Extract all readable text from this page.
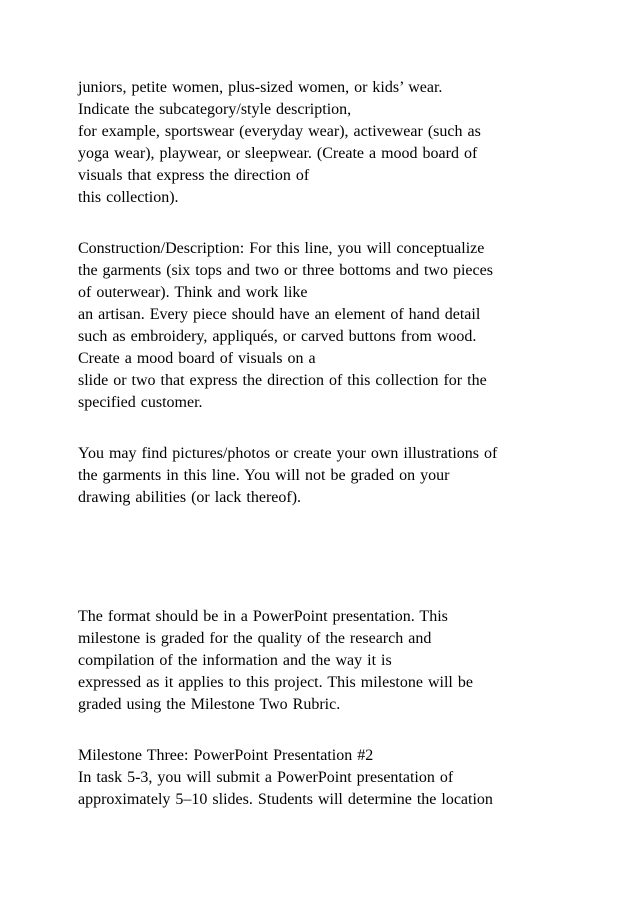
juniors, petite women, plus-sized women, or kids’ wear.
Indicate the subcategory/style description,
for example, sportswear (everyday wear), activewear (such as
yoga wear), playwear, or sleepwear. (Create a mood board of
visuals that express the direction of
this collection).
Construction/Description: For this line, you will conceptualize
the garments (six tops and two or three bottoms and two pieces
of outerwear). Think and work like
an artisan. Every piece should have an element of hand detail
such as embroidery, appliqués, or carved buttons from wood.
Create a mood board of visuals on a
slide or two that express the direction of this collection for the
specified customer.
You may find pictures/photos or create your own illustrations of
the garments in this line. You will not be graded on your
drawing abilities (or lack thereof).
The format should be in a PowerPoint presentation. This
milestone is graded for the quality of the research and
compilation of the information and the way it is
expressed as it applies to this project. This milestone will be
graded using the Milestone Two Rubric.
Milestone Three: PowerPoint Presentation #2
In task 5-3, you will submit a PowerPoint presentation of
approximately 5–10 slides. Students will determine the location
